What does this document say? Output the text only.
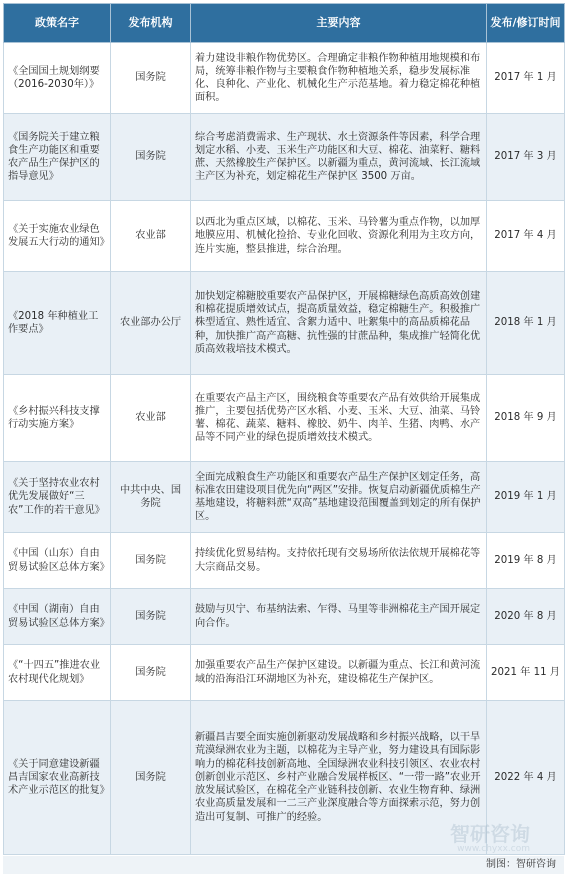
政策名字	发布机构	主要内容	发布/修订时间
《全国国土规划纲要（2016-2030年）》	国务院	着力建设非粮作物优势区。合理确定非粮作物种植用地规模和布局，统筹非粮作物与主要粮食作物种植地关系，稳步发展标准化、良种化、产业化、机械化生产示范基地。着力稳定棉花种植面积。	2017 年 1 月
《国务院关于建立粮食生产功能区和重要农产品生产保护区的指导意见》	国务院	综合考虑消费需求、生产现状、水土资源条件等因素，科学合理划定水稻、小麦、玉米生产功能区和大豆、棉花、油菜籽、糖料蔗、天然橡胶生产保护区。以新疆为重点，黄河流域、长江流域主产区为补充，划定棉花生产保护区 3500 万亩。	2017 年 3 月
《关于实施农业绿色发展五大行动的通知》	农业部	以西北为重点区域，以棉花、玉米、马铃薯为重点作物，以加厚地膜应用、机械化捡拾、专业化回收、资源化利用为主攻方向，连片实施，整县推进，综合治理。	2017 年 4 月
《2018 年种植业工作要点》	农业部办公厅	加快划定棉糖胶重要农产品保护区，开展棉糖绿色高质高效创建和棉花提质增效试点，提高质量效益，稳定棉糖生产。积极推广株型适宜、熟性适宜、含絮力适中、吐絮集中的高品质棉花品种，加快推广高产高糖、抗性强的甘蔗品种，集成推广轻简化优质高效栽培技术模式。	2018 年 1 月
《乡村振兴科技支撑行动实施方案》	农业部	在重要农产品主产区，围绕粮食等重要农产品有效供给开展集成推广，主要包括优势产区水稻、小麦、玉米、大豆、油菜、马铃薯、棉花、蔬菜、糖料、橡胶、奶牛、肉羊、生猪、肉鸭、水产品等不同产业的绿色提质增效技术模式。	2018 年 9 月
《关于坚持农业农村优先发展做好“三农”工作的若干意见》	中共中央、国务院	全面完成粮食生产功能区和重要农产品生产保护区划定任务，高标准农田建设项目优先向“两区”安排。恢复启动新疆优质棉生产基地建设，将糖料蔗“双高”基地建设范围覆盖到划定的所有保护区。	2019 年 1 月
《中国（山东）自由贸易试验区总体方案》	国务院	持续优化贸易结构。支持依托现有交易场所依法依规开展棉花等大宗商品交易。	2019 年 8 月
《中国（湖南）自由贸易试验区总体方案》	国务院	鼓励与贝宁、布基纳法索、乍得、马里等非洲棉花主产国开展定向合作。	2020 年 8 月
《“十四五”推进农业农村现代化规划》	国务院	加强重要农产品生产保护区建设。以新疆为重点、长江和黄河流域的沿海沿江环湖地区为补充，建设棉花生产保护区。	2021 年 11 月
《关于同意建设新疆昌吉国家农业高新技术产业示范区的批复》	国务院	新疆昌吉要全面实施创新驱动发展战略和乡村振兴战略，以干旱荒漠绿洲农业为主题，以棉花为主导产业，努力建设具有国际影响力的棉花科技创新高地、全国绿洲农业科技引领区、农业农村创新创业示范区、乡村产业融合发展样板区、“一带一路”农业开放发展试验区，在棉花全产业链科技创新、农业生物育种、绿洲农业高质量发展和一二三产业深度融合等方面探索示范，努力创造出可复制、可推广的经验。	2022 年 4 月
智研咨询
www.chyxx.com
制图：智研咨询
